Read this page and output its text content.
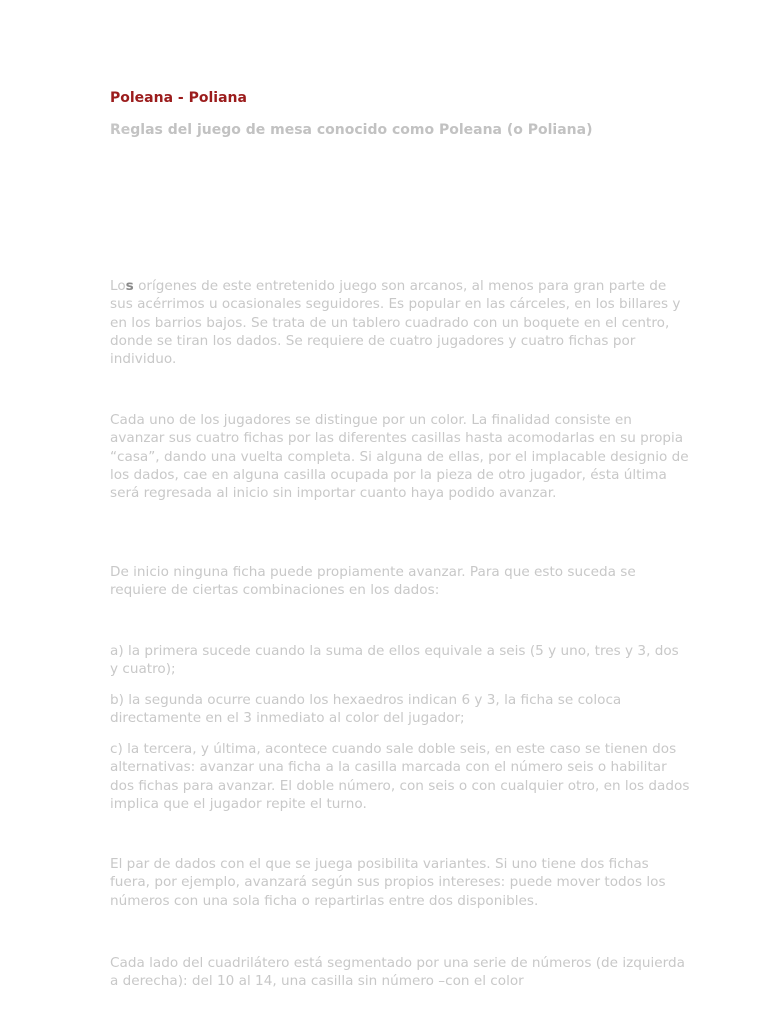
Poleana - Poliana
Reglas del juego de mesa conocido como Poleana (o Poliana)

Los orígenes de este entretenido juego son arcanos, al menos para gran parte de sus acérrimos u ocasionales seguidores. Es popular en las cárceles, en los billares y en los barrios bajos. Se trata de un tablero cuadrado con un boquete en el centro, donde se tiran los dados. Se requiere de cuatro jugadores y cuatro fichas por individuo.

Cada uno de los jugadores se distingue por un color. La finalidad consiste en avanzar sus cuatro fichas por las diferentes casillas hasta acomodarlas en su propia “casa”, dando una vuelta completa. Si alguna de ellas, por el implacable designio de los dados, cae en alguna casilla ocupada por la pieza de otro jugador, ésta última será regresada al inicio sin importar cuanto haya podido avanzar.

De inicio ninguna ficha puede propiamente avanzar. Para que esto suceda se requiere de ciertas combinaciones en los dados:

a) la primera sucede cuando la suma de ellos equivale a seis (5 y uno, tres y 3, dos y cuatro);

b) la segunda ocurre cuando los hexaedros indican 6 y 3, la ficha se coloca directamente en el 3 inmediato al color del jugador;

c) la tercera, y última, acontece cuando sale doble seis, en este caso se tienen dos alternativas: avanzar una ficha a la casilla marcada con el número seis o habilitar dos fichas para avanzar. El doble número, con seis o con cualquier otro, en los dados implica que el jugador repite el turno.

El par de dados con el que se juega posibilita variantes. Si uno tiene dos fichas fuera, por ejemplo, avanzará según sus propios intereses: puede mover todos los números con una sola ficha o repartirlas entre dos disponibles.

Cada lado del cuadrilátero está segmentado por una serie de números (de izquierda a derecha): del 10 al 14, una casilla sin número –con el color
